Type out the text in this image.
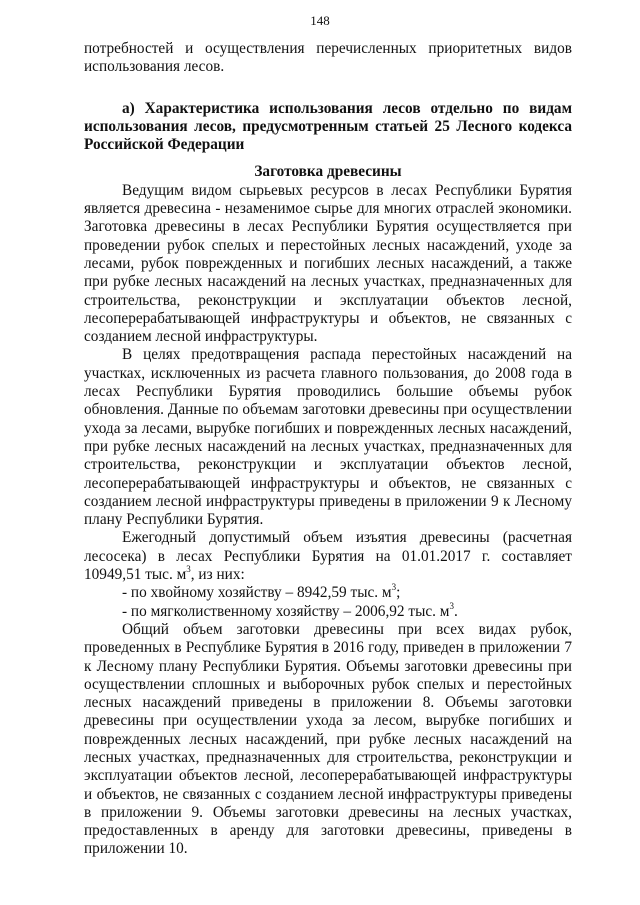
148

потребностей и осуществления перечисленных приоритетных видов использования лесов.

а) Характеристика использования лесов отдельно по видам использования лесов, предусмотренным статьей 25 Лесного кодекса Российской Федерации

Заготовка древесины

Ведущим видом сырьевых ресурсов в лесах Республики Бурятия является древесина - незаменимое сырье для многих отраслей экономики. Заготовка древесины в лесах Республики Бурятия осуществляется при проведении рубок спелых и перестойных лесных насаждений, уходе за лесами, рубок поврежденных и погибших лесных насаждений, а также при рубке лесных насаждений на лесных участках, предназначенных для строительства, реконструкции и эксплуатации объектов лесной, лесоперерабатывающей инфраструктуры и объектов, не связанных с созданием лесной инфраструктуры.

В целях предотвращения распада перестойных насаждений на участках, исключенных из расчета главного пользования, до 2008 года в лесах Республики Бурятия проводились большие объемы рубок обновления. Данные по объемам заготовки древесины при осуществлении ухода за лесами, вырубке погибших и поврежденных лесных насаждений, при рубке лесных насаждений на лесных участках, предназначенных для строительства, реконструкции и эксплуатации объектов лесной, лесоперерабатывающей инфраструктуры и объектов, не связанных с созданием лесной инфраструктуры приведены в приложении 9 к Лесному плану Республики Бурятия.

Ежегодный допустимый объем изъятия древесины (расчетная лесосека) в лесах Республики Бурятия на 01.01.2017 г. составляет 10949,51 тыс. $м^3$, из них:

- по хвойному хозяйству – 8942,59 тыс. $м^3$;

- по мягколиственному хозяйству – 2006,92 тыс. $м^3$.

Общий объем заготовки древесины при всех видах рубок, проведенных в Республике Бурятия в 2016 году, приведен в приложении 7 к Лесному плану Республики Бурятия. Объемы заготовки древесины при осуществлении сплошных и выборочных рубок спелых и перестойных лесных насаждений приведены в приложении 8. Объемы заготовки древесины при осуществлении ухода за лесом, вырубке погибших и поврежденных лесных насаждений, при рубке лесных насаждений на лесных участках, предназначенных для строительства, реконструкции и эксплуатации объектов лесной, лесоперерабатывающей инфраструктуры и объектов, не связанных с созданием лесной инфраструктуры приведены в приложении 9. Объемы заготовки древесины на лесных участках, предоставленных в аренду для заготовки древесины, приведены в приложении 10.
